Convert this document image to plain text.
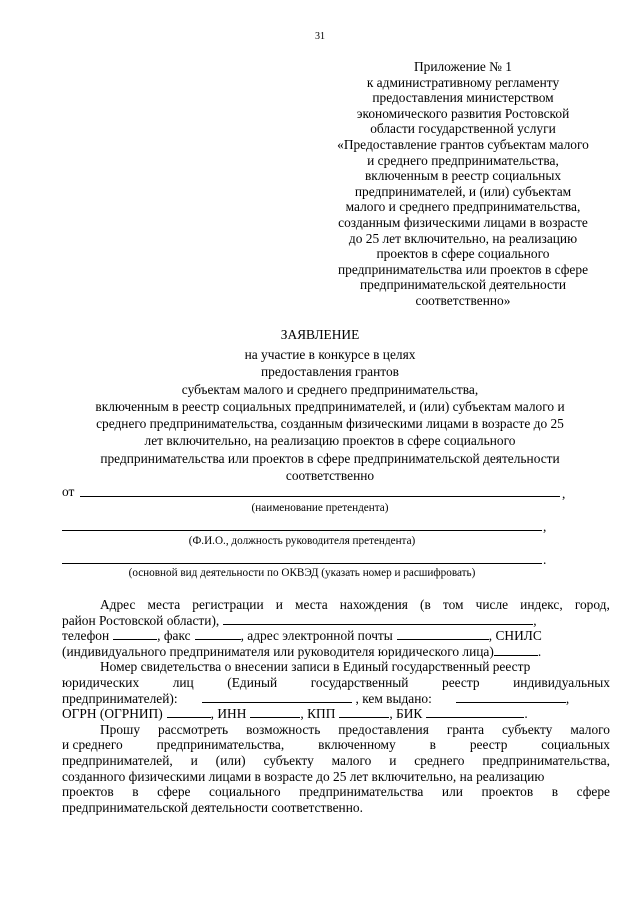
31
Приложение № 1
к административному регламенту
предоставления министерством
экономического развития Ростовской
области государственной услуги
«Предоставление грантов субъектам малого
и среднего предпринимательства,
включенным в реестр социальных
предпринимателей, и (или) субъектам
малого и среднего предпринимательства,
созданным физическими лицами в возрасте
до 25 лет включительно, на реализацию
проектов в сфере социального
предпринимательства или проектов в сфере
предпринимательской деятельности
соответственно»
ЗАЯВЛЕНИЕ
на участие в конкурсе в целях
предоставления грантов
субъектам малого и среднего предпринимательства,
включенным в реестр социальных предпринимателей, и (или) субъектам малого и
среднего предпринимательства, созданным физическими лицами в возрасте до 25
лет включительно, на реализацию проектов в сфере социального
предпринимательства или проектов в сфере предпринимательской деятельности
соответственно
от	,
(наименование претендента)
,
(Ф.И.О., должность руководителя претендента)
.
(основной вид деятельности по ОКВЭД (указать номер и расшифровать)
Адрес места регистрации и места нахождения (в том числе индекс, город,
район Ростовской области),	,
телефон	, факс	, адрес электронной почты	, СНИЛС
(индивидуального предпринимателя или руководителя юридического лица)	.
Номер свидетельства о внесении записи в Единый государственный реестр
юридических	лиц	(Единый	государственный	реестр	индивидуальных
предпринимателей):	, кем выдано:	,
ОГРН (ОГРНИП)	, ИНН	, КПП	, БИК	.
Прошу рассмотреть возможность предоставления гранта субъекту малого
и среднего	предпринимательства,	включенному	в	реестр	социальных
предпринимателей, и (или) субъекту малого и среднего предпринимательства,
созданного физическими лицами в возрасте до 25 лет включительно, на реализацию
проектов в сфере социального предпринимательства или проектов в сфере
предпринимательской деятельности соответственно.
